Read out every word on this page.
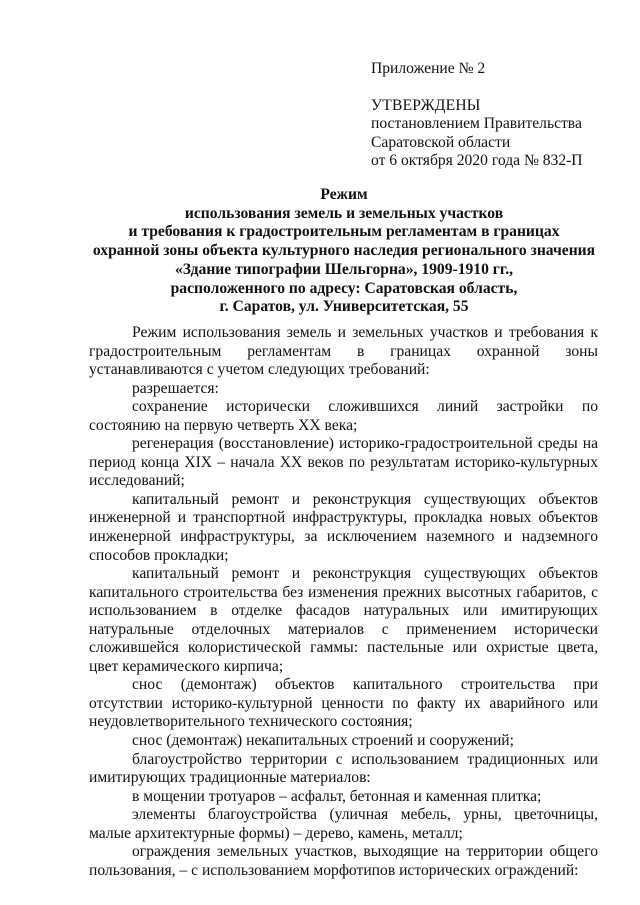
Приложение № 2

УТВЕРЖДЕНЫ

постановлением Правительства

Саратовской области

от 6 октября 2020 года № 832-П

Режим
использования земель и земельных участков
и требования к градостроительным регламентам в границах
охранной зоны объекта культурного наследия регионального значения
«Здание типографии Шельгорна», 1909-1910 гг.,
расположенного по адресу: Саратовская область,
г. Саратов, ул. Университетская, 55

Режим использования земель и земельных участков и требования к градостроительным регламентам в границах охранной зоны устанавливаются с учетом следующих требований:

разрешается:

сохранение исторически сложившихся линий застройки по состоянию на первую четверть XX века;

регенерация (восстановление) историко-градостроительной среды на период конца XIX – начала XX веков по результатам историко-культурных исследований;

капитальный ремонт и реконструкция существующих объектов инженерной и транспортной инфраструктуры, прокладка новых объектов инженерной инфраструктуры, за исключением наземного и надземного способов прокладки;

капитальный ремонт и реконструкция существующих объектов капитального строительства без изменения прежних высотных габаритов, с использованием в отделке фасадов натуральных или имитирующих натуральные отделочных материалов с применением исторически сложившейся колористической гаммы: пастельные или охристые цвета, цвет керамического кирпича;

снос (демонтаж) объектов капитального строительства при отсутствии историко-культурной ценности по факту их аварийного или неудовлетворительного технического состояния;

снос (демонтаж) некапитальных строений и сооружений;

благоустройство территории с использованием традиционных или имитирующих традиционные материалов:

в мощении тротуаров – асфальт, бетонная и каменная плитка;

элементы благоустройства (уличная мебель, урны, цветочницы, малые архитектурные формы) – дерево, камень, металл;

ограждения земельных участков, выходящие на территории общего пользования, – с использованием морфотипов исторических ограждений:
